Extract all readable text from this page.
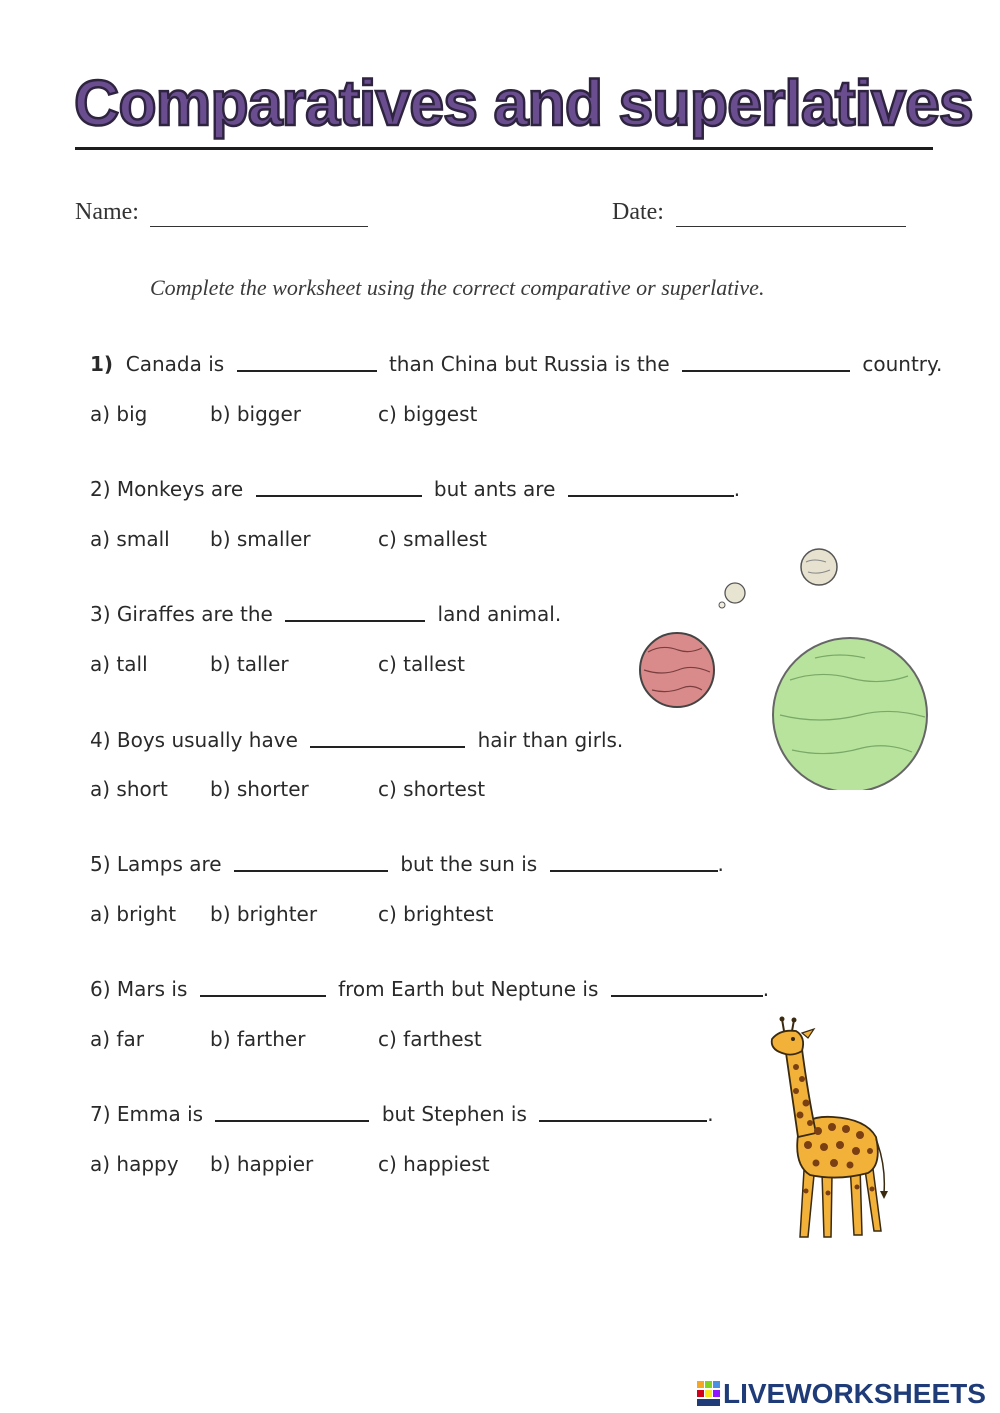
Comparatives and superlatives
Name:	Date:
Complete the worksheet using the correct comparative or superlative.
1) Canada is	than China but Russia is the	country.
a) big	b) bigger	c) biggest
2) Monkeys are	but ants are	.
a) small b) smaller	c) smallest
3) Giraffes are the	land animal.
a) tall	b) taller	c) tallest
4) Boys usually have	hair than girls.
a) short b) shorter	c) shortest
5) Lamps are	but the sun is	.
a) bright b) brighter	c) brightest
6) Mars is	from Earth but Neptune is	.
a) far	b) farther	c) farthest
7) Emma is	but Stephen is	.
a) happy b) happier	c) happiest
LIVEWORKSHEETS
